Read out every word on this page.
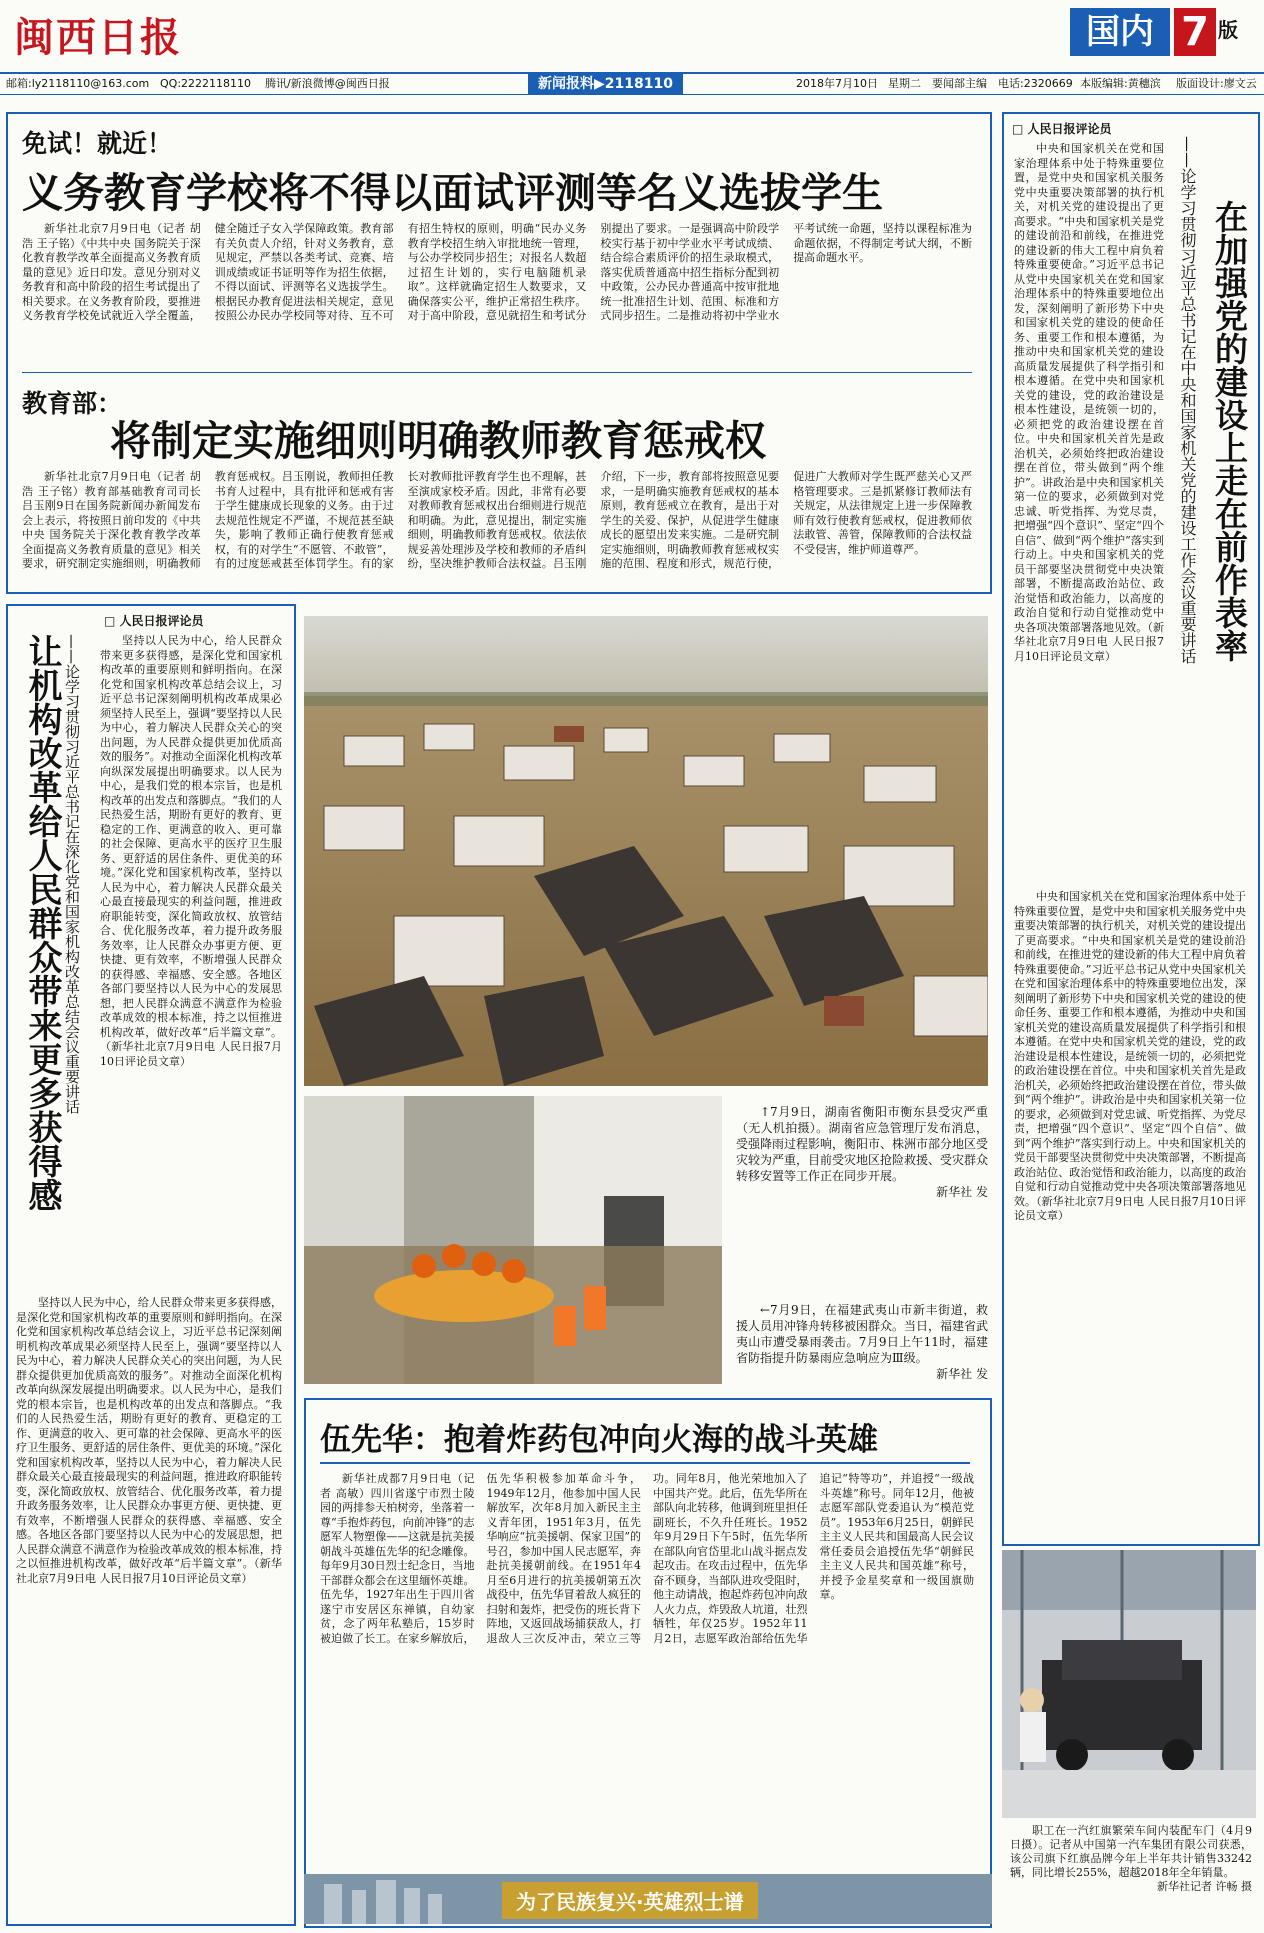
闽西日报	国内 7 版
邮箱:ly2118110@163.com QQ:2222118110 腾讯/新浪微博@闽西日报	新闻报料▶2118110	2018年7月10日 星期二 要闻部主编 电话:2320669 本版编辑:黄穗滨 版面设计:廖文云
免试！就近！
义务教育学校将不得以面试评测等名义选拔学生

新华社北京7月9日电（记者 胡浩 王子铭）《中共中央 国务院关于深化教育教学改革全面提高义务教育质量的意见》近日印发。意见分别对义务教育和高中阶段的招生考试提出了相关要求。在义务教育阶段，要推进义务教育学校免试就近入学全覆盖，健全随迁子女入学保障政策。教育部有关负责人介绍，针对义务教育，意见规定，严禁以各类考试、竞赛、培训成绩或证书证明等作为招生依据，不得以面试、评测等名义选拔学生。根据民办教育促进法相关规定，意见按照公办民办学校同等对待、互不可有招生特权的原则，明确“民办义务教育学校招生纳入审批地统一管理，与公办学校同步招生；对报名人数超过招生计划的，实行电脑随机录取”。这样就确定招生人数要求，又确保落实公平，维护正常招生秩序。对于高中阶段，意见就招生和考试分别提出了要求。一是强调高中阶段学校实行基于初中学业水平考试成绩、结合综合素质评价的招生录取模式，落实优质普通高中招生指标分配到初中政策，公办民办普通高中按审批地统一批准招生计划、范围、标准和方式同步招生。二是推动将初中学业水平考试统一命题，坚持以课程标准为命题依据，不得制定考试大纲，不断提高命题水平。

教育部：
将制定实施细则明确教师教育惩戒权

新华社北京7月9日电（记者 胡浩 王子铭）教育部基础教育司司长吕玉刚9日在国务院新闻办新闻发布会上表示，将按照日前印发的《中共中央 国务院关于深化教育教学改革全面提高义务教育质量的意见》相关要求，研究制定实施细则，明确教师教育惩戒权。吕玉刚说，教师担任教书育人过程中，具有批评和惩戒有害于学生健康成长现象的义务。由于过去规范性规定不严谨，不规范甚至缺失，影响了教师正确行使教育惩戒权，有的对学生“不愿管、不敢管”，有的过度惩戒甚至体罚学生。有的家长对教师批评教育学生也不理解，甚至演成家校矛盾。因此，非常有必要对教师教育惩戒权出台细则进行规范和明确。为此，意见提出，制定实施细则，明确教师教育惩戒权。依法依规妥善处理涉及学校和教师的矛盾纠纷，坚决维护教师合法权益。吕玉刚介绍，下一步，教育部将按照意见要求，一是明确实施教育惩戒权的基本原则，教育惩戒立在教育，是出于对学生的关爱、保护，从促进学生健康成长的愿望出发来实施。二是研究制定实施细则，明确教师教育惩戒权实施的范围、程度和形式，规范行使，促进广大教师对学生既严慈关心又严格管理要求。三是抓紧修订教师法有关规定，从法律规定上进一步保障教师有效行使教育惩戒权，促进教师依法敢管、善管，保障教师的合法权益不受侵害，维护师道尊严。

□ 人民日报评论员
在加强党的建设上走在前作表率
——论学习贯彻习近平总书记在中央和国家机关党的建设工作会议重要讲话

中央和国家机关在党和国家治理体系中处于特殊重要位置，是党中央和国家机关服务党中央重要决策部署的执行机关，对机关党的建设提出了更高要求。“中央和国家机关是党的建设前沿和前线，在推进党的建设新的伟大工程中肩负着特殊重要使命。”习近平总书记从党中央国家机关在党和国家治理体系中的特殊重要地位出发，深刻阐明了新形势下中央和国家机关党的建设的使命任务、重要工作和根本遵循，为推动中央和国家机关党的建设高质量发展提供了科学指引和根本遵循。在党中央和国家机关党的建设，党的政治建设是根本性建设，是统领一切的，必须把党的政治建设摆在首位。中央和国家机关首先是政治机关，必须始终把政治建设摆在首位，带头做到“两个维护”。讲政治是中央和国家机关第一位的要求，必须做到对党忠诚、听党指挥、为党尽责，把增强“四个意识”、坚定“四个自信”、做到“两个维护”落实到行动上。中央和国家机关的党员干部要坚决贯彻党中央决策部署，不断提高政治站位、政治觉悟和政治能力，以高度的政治自觉和行动自觉推动党中央各项决策部署落地见效。（新华社北京7月9日电 人民日报7月10日评论员文章）

中央和国家机关在党和国家治理体系中处于特殊重要位置，是党中央和国家机关服务党中央重要决策部署的执行机关，对机关党的建设提出了更高要求。“中央和国家机关是党的建设前沿和前线，在推进党的建设新的伟大工程中肩负着特殊重要使命。”习近平总书记从党中央国家机关在党和国家治理体系中的特殊重要地位出发，深刻阐明了新形势下中央和国家机关党的建设的使命任务、重要工作和根本遵循，为推动中央和国家机关党的建设高质量发展提供了科学指引和根本遵循。在党中央和国家机关党的建设，党的政治建设是根本性建设，是统领一切的，必须把党的政治建设摆在首位。中央和国家机关首先是政治机关，必须始终把政治建设摆在首位，带头做到“两个维护”。讲政治是中央和国家机关第一位的要求，必须做到对党忠诚、听党指挥、为党尽责，把增强“四个意识”、坚定“四个自信”、做到“两个维护”落实到行动上。中央和国家机关的党员干部要坚决贯彻党中央决策部署，不断提高政治站位、政治觉悟和政治能力，以高度的政治自觉和行动自觉推动党中央各项决策部署落地见效。（新华社北京7月9日电 人民日报7月10日评论员文章）

□ 人民日报评论员
让机构改革给人民群众带来更多获得感 ——论学习贯彻习近平总书记在深化党和国家机构改革总结会议重要讲话	坚持以人民为中心，给人民群众带来更多获得感，是深化党和国家机构改革的重要原则和鲜明指向。在深化党和国家机构改革总结会议上，习近平总书记深刻阐明机构改革成果必须坚持人民至上，强调“要坚持以人民为中心，着力解决人民群众关心的突出问题，为人民群众提供更加优质高效的服务”。对推动全面深化机构改革向纵深发展提出明确要求。以人民为中心，是我们党的根本宗旨，也是机构改革的出发点和落脚点。“我们的人民热爱生活，期盼有更好的教育、更稳定的工作、更满意的收入、更可靠的社会保障、更高水平的医疗卫生服务、更舒适的居住条件、更优美的环境。”深化党和国家机构改革，坚持以人民为中心，着力解决人民群众最关心最直接最现实的利益问题，推进政府职能转变，深化简政放权、放管结合、优化服务改革，着力提升政务服务效率，让人民群众办事更方便、更快捷、更有效率，不断增强人民群众的获得感、幸福感、安全感。各地区各部门要坚持以人民为中心的发展思想，把人民群众满意不满意作为检验改革成效的根本标准，持之以恒推进机构改革，做好改革“后半篇文章”。（新华社北京7月9日电 人民日报7月10日评论员文章）

坚持以人民为中心，给人民群众带来更多获得感，是深化党和国家机构改革的重要原则和鲜明指向。在深化党和国家机构改革总结会议上，习近平总书记深刻阐明机构改革成果必须坚持人民至上，强调“要坚持以人民为中心，着力解决人民群众关心的突出问题，为人民群众提供更加优质高效的服务”。对推动全面深化机构改革向纵深发展提出明确要求。以人民为中心，是我们党的根本宗旨，也是机构改革的出发点和落脚点。“我们的人民热爱生活，期盼有更好的教育、更稳定的工作、更满意的收入、更可靠的社会保障、更高水平的医疗卫生服务、更舒适的居住条件、更优美的环境。”深化党和国家机构改革，坚持以人民为中心，着力解决人民群众最关心最直接最现实的利益问题，推进政府职能转变，深化简政放权、放管结合、优化服务改革，着力提升政务服务效率，让人民群众办事更方便、更快捷、更有效率，不断增强人民群众的获得感、幸福感、安全感。各地区各部门要坚持以人民为中心的发展思想，把人民群众满意不满意作为检验改革成效的根本标准，持之以恒推进机构改革，做好改革“后半篇文章”。（新华社北京7月9日电 人民日报7月10日评论员文章）

↑7月9日，湖南省衡阳市衡东县受灾严重（无人机拍摄）。湖南省应急管理厅发布消息，受强降雨过程影响，衡阳市、株洲市部分地区受灾较为严重，目前受灾地区抢险救援、受灾群众转移安置等工作正在同步开展。

新华社 发

←7月9日，在福建武夷山市新丰街道，救援人员用冲锋舟转移被困群众。当日，福建省武夷山市遭受暴雨袭击。7月9日上午11时，福建省防指提升防暴雨应急响应为Ⅲ级。

新华社 发
伍先华：抱着炸药包冲向火海的战斗英雄

新华社成都7月9日电（记者 高敏）四川省遂宁市烈士陵园的两排参天柏树旁，坐落着一尊“手抱炸药包，向前冲锋”的志愿军人物塑像——这就是抗美援朝战斗英雄伍先华的纪念雕像。每年9月30日烈士纪念日，当地干部群众都会在这里缅怀英雄。伍先华，1927年出生于四川省遂宁市安居区东禅镇，自幼家贫，念了两年私塾后，15岁时被迫做了长工。在家乡解放后，伍先华积极参加革命斗争，1949年12月，他参加中国人民解放军，次年8月加入新民主主义青年团，1951年3月，伍先华响应“抗美援朝、保家卫国”的号召，参加中国人民志愿军，奔赴抗美援朝前线。在1951年4月至6月进行的抗美援朝第五次战役中，伍先华冒着敌人疯狂的扫射和轰炸，把受伤的班长背下阵地，又返回战场捕获敌人，打退敌人三次反冲击，荣立三等功。同年8月，他光荣地加入了中国共产党。此后，伍先华所在部队向北转移，他调到班里担任副班长，不久升任班长。1952年9月29日下午5时，伍先华所在部队向官岱里北山战斗据点发起攻击。在攻击过程中，伍先华奋不顾身，当部队进攻受阻时，他主动请战，抱起炸药包冲向敌人火力点，炸毁敌人坑道，壮烈牺牲，年仅25岁。1952年11月2日，志愿军政治部给伍先华追记“特等功”，并追授“一级战斗英雄”称号。同年12月，他被志愿军部队党委追认为“模范党员”。1953年6月25日，朝鲜民主主义人民共和国最高人民会议常任委员会追授伍先华“朝鲜民主主义人民共和国英雄”称号，并授予金星奖章和一级国旗勋章。

为了民族复兴·英雄烈士谱

职工在一汽红旗繁荣车间内装配车门（4月9日摄）。记者从中国第一汽车集团有限公司获悉，该公司旗下红旗品牌今年上半年共计销售33242辆，同比增长255%，超越2018年全年销量。

新华社记者 许畅 摄
